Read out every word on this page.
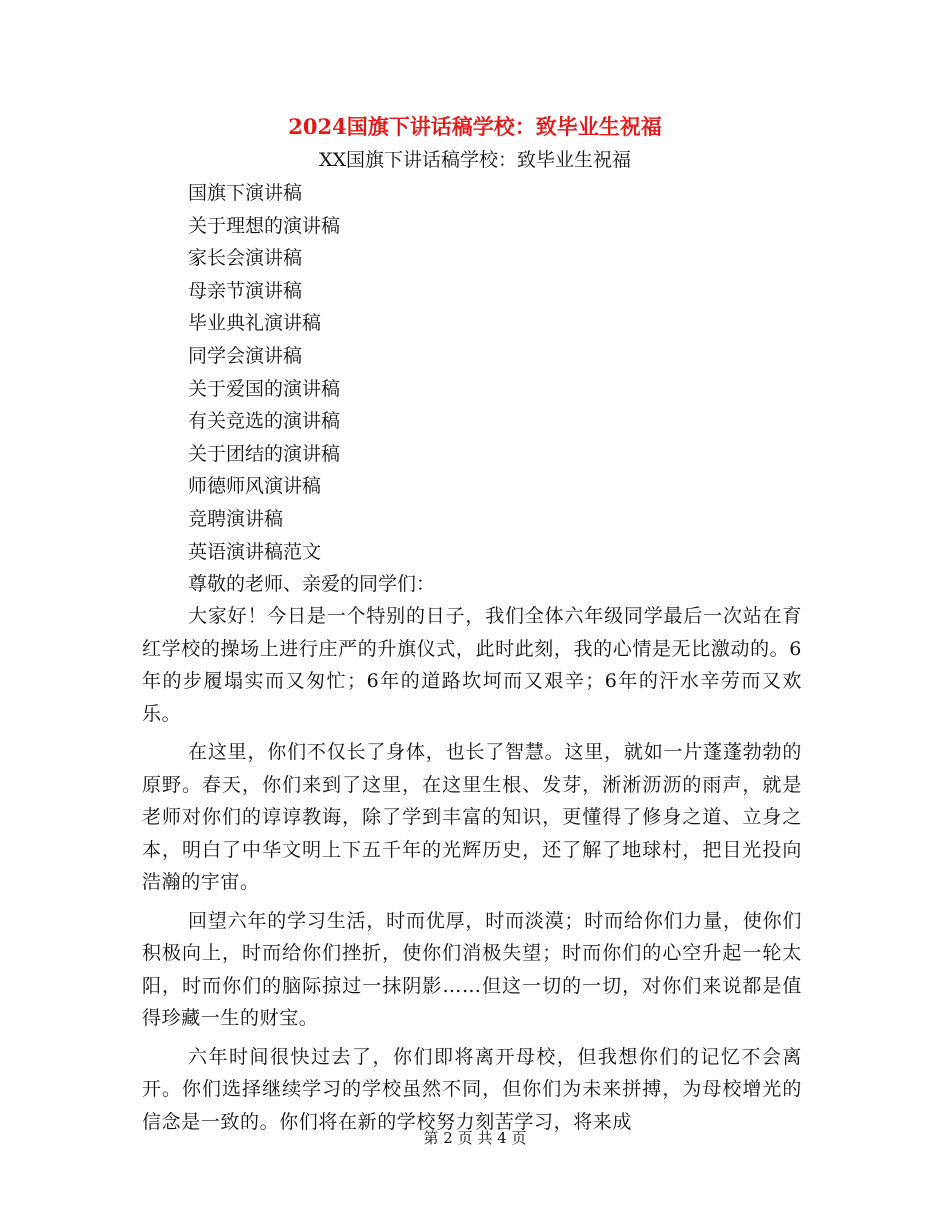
2024国旗下讲话稿学校：致毕业生祝福
XX国旗下讲话稿学校：致毕业生祝福
国旗下演讲稿
关于理想的演讲稿
家长会演讲稿
母亲节演讲稿
毕业典礼演讲稿
同学会演讲稿
关于爱国的演讲稿
有关竞选的演讲稿
关于团结的演讲稿
师德师风演讲稿
竞聘演讲稿
英语演讲稿范文
尊敬的老师、亲爱的同学们：

大家好！今日是一个特别的日子，我们全体六年级同学最后一次站在育红学校的操场上进行庄严的升旗仪式，此时此刻，我的心情是无比激动的。6年的步履塌实而又匆忙；6年的道路坎坷而又艰辛；6年的汗水辛劳而又欢乐。

在这里，你们不仅长了身体，也长了智慧。这里，就如一片蓬蓬勃勃的原野。春天，你们来到了这里，在这里生根、发芽，淅淅沥沥的雨声，就是老师对你们的谆谆教诲，除了学到丰富的知识，更懂得了修身之道、立身之本，明白了中华文明上下五千年的光辉历史，还了解了地球村，把目光投向浩瀚的宇宙。

回望六年的学习生活，时而优厚，时而淡漠；时而给你们力量，使你们积极向上，时而给你们挫折，使你们消极失望；时而你们的心空升起一轮太阳，时而你们的脑际掠过一抹阴影……但这一切的一切，对你们来说都是值得珍藏一生的财宝。

六年时间很快过去了，你们即将离开母校，但我想你们的记忆不会离开。你们选择继续学习的学校虽然不同，但你们为未来拼搏，为母校增光的信念是一致的。你们将在新的学校努力刻苦学习，将来成

第 2 页 共 4 页
